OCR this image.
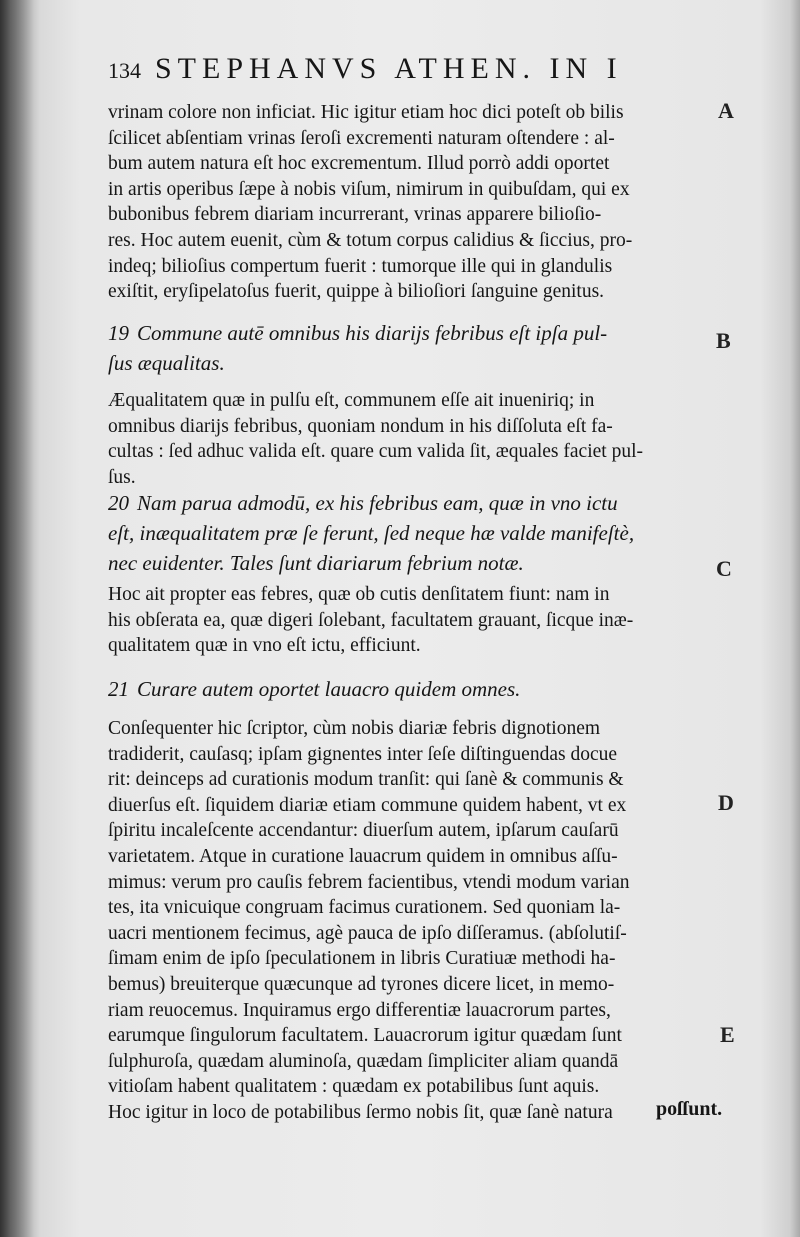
134 STEPHANVS ATHEN. IN I
vrinam colore non inficiat. Hic igitur etiam hoc dici poteſt ob bilis
ſcilicet abſentiam vrinas ſeroſi excrementi naturam oſtendere : al-
bum autem natura eſt hoc excrementum. Illud porrò addi oportet
in artis operibus ſæpe à nobis viſum, nimirum in quibuſdam, qui ex
bubonibus febrem diariam incurrerant, vrinas apparere bilioſio-
res. Hoc autem euenit, cùm & totum corpus calidius & ſiccius, pro-
indeq; bilioſius compertum fuerit : tumorque ille qui in glandulis
exiſtit, eryſipelatoſus fuerit, quippe à bilioſiori ſanguine genitus.
19 Commune autē omnibus his diarijs febribus eſt ipſa pul-
ſus æqualitas.
Æqualitatem quæ in pulſu eſt, communem eſſe ait inueniriq; in
omnibus diarijs febribus, quoniam nondum in his diſſoluta eſt fa-
cultas : ſed adhuc valida eſt. quare cum valida ſit, æquales faciet pul-
ſus.
20 Nam parua admodū, ex his febribus eam, quæ in vno ictu
eſt, inæqualitatem præ ſe ferunt, ſed neque hæ valde manifeſtè,
nec euidenter. Tales ſunt diariarum febrium notæ.
Hoc ait propter eas febres, quæ ob cutis denſitatem fiunt: nam in
his obſerata ea, quæ digeri ſolebant, facultatem grauant, ſicque inæ-
qualitatem quæ in vno eſt ictu, efficiunt.
21 Curare autem oportet lauacro quidem omnes.
Conſequenter hic ſcriptor, cùm nobis diariæ febris dignotionem
tradiderit, cauſasq; ipſam gignentes inter ſeſe diſtinguendas docue
rit: deinceps ad curationis modum tranſit: qui ſanè & communis &
diuerſus eſt. ſiquidem diariæ etiam commune quidem habent, vt ex
ſpiritu incaleſcente accendantur: diuerſum autem, ipſarum cauſarū
varietatem. Atque in curatione lauacrum quidem in omnibus aſſu-
mimus: verum pro cauſis febrem facientibus, vtendi modum varian
tes, ita vnicuique congruam facimus curationem. Sed quoniam la-
uacri mentionem fecimus, agè pauca de ipſo diſſeramus. (abſolutiſ-
ſimam enim de ipſo ſpeculationem in libris Curatiuæ methodi ha-
bemus) breuiterque quæcunque ad tyrones dicere licet, in memo-
riam reuocemus. Inquiramus ergo differentiæ lauacrorum partes,
earumque ſingulorum facultatem. Lauacrorum igitur quædam ſunt
ſulphuroſa, quædam aluminoſa, quædam ſimpliciter aliam quandā
vitioſam habent qualitatem : quædam ex potabilibus ſunt aquis.
Hoc igitur in loco de potabilibus ſermo nobis ſit, quæ ſanè natura	poſſunt.
A
B
C
D
E
